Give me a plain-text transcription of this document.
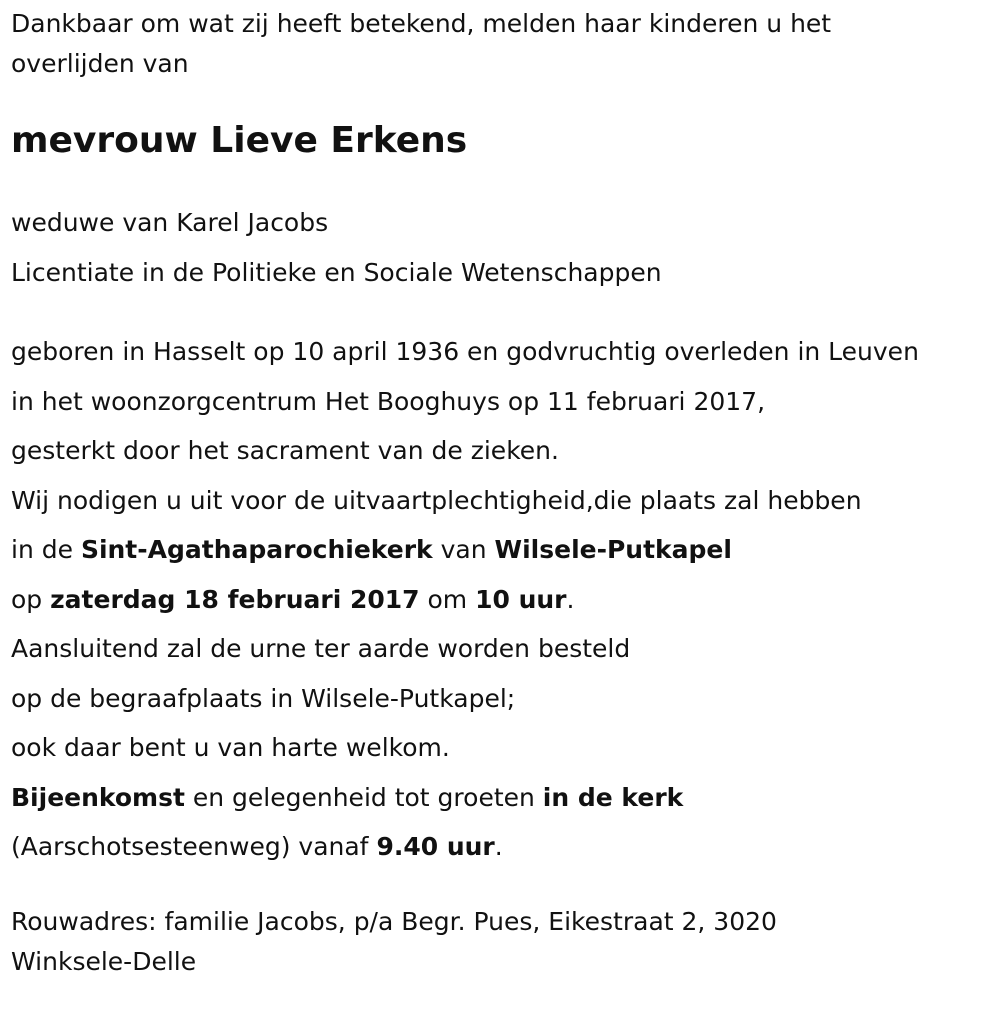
Dankbaar om wat zij heeft betekend, melden haar kinderen u het
overlijden van
mevrouw Lieve Erkens
weduwe van Karel Jacobs
Licentiate in de Politieke en Sociale Wetenschappen
geboren in Hasselt op 10 april 1936 en godvruchtig overleden in Leuven
in het woonzorgcentrum Het Booghuys op 11 februari 2017,
gesterkt door het sacrament van de zieken.
Wij nodigen u uit voor de uitvaartplechtigheid,die plaats zal hebben
in de Sint-Agathaparochiekerk van Wilsele-Putkapel
op zaterdag 18 februari 2017 om 10 uur.
Aansluitend zal de urne ter aarde worden besteld
op de begraafplaats in Wilsele-Putkapel;
ook daar bent u van harte welkom.
Bijeenkomst en gelegenheid tot groeten in de kerk
(Aarschotsesteenweg) vanaf 9.40 uur.
Rouwadres: familie Jacobs, p/a Begr. Pues, Eikestraat 2, 3020
Winksele-Delle
